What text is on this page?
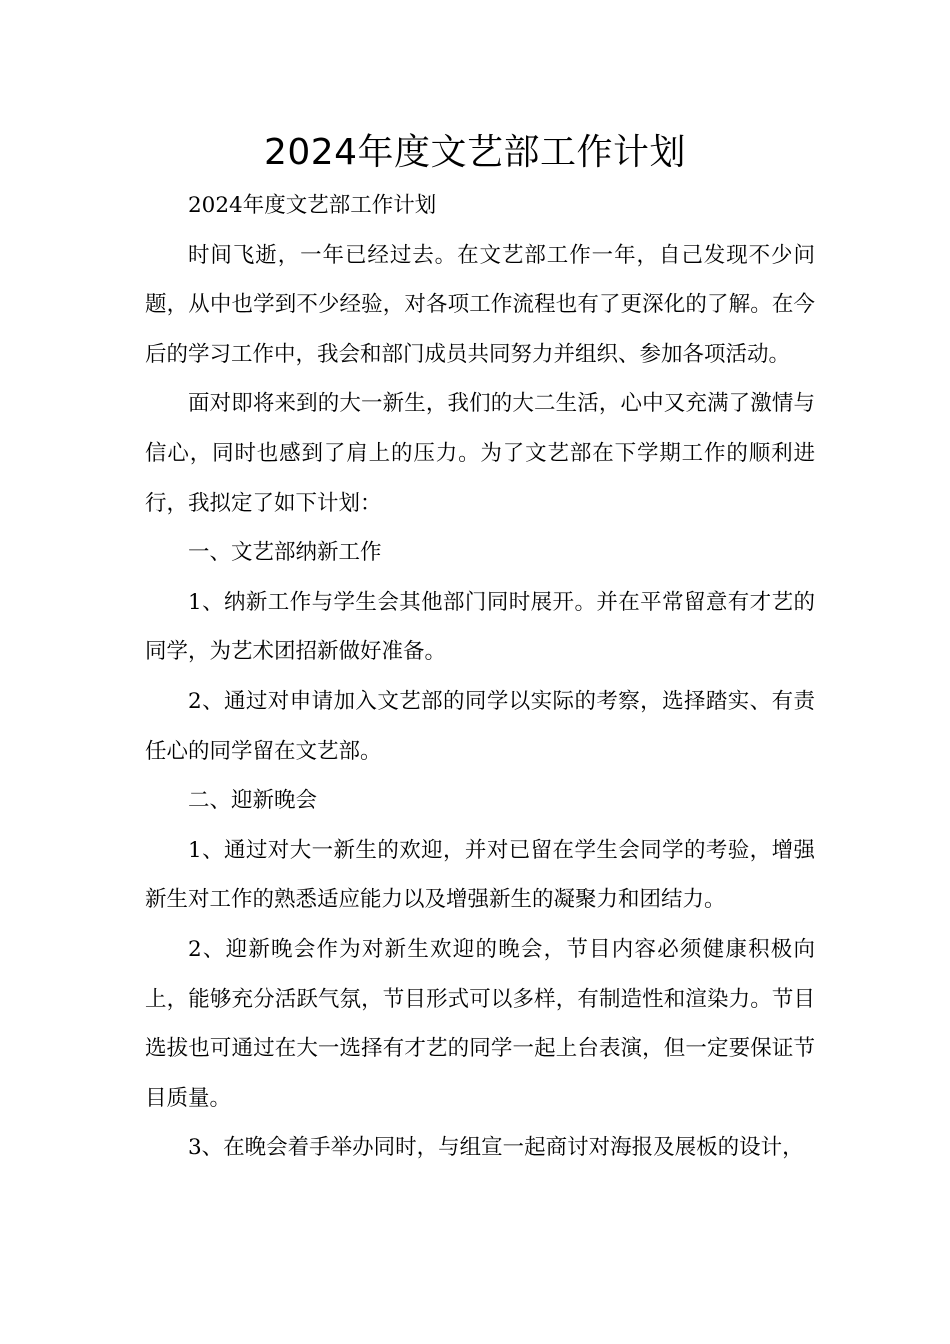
2024年度文艺部工作计划

2024年度文艺部工作计划

时间飞逝，一年已经过去。在文艺部工作一年，自己发现不少问题，从中也学到不少经验，对各项工作流程也有了更深化的了解。在今后的学习工作中，我会和部门成员共同努力并组织、参加各项活动。

面对即将来到的大一新生，我们的大二生活，心中又充满了激情与信心，同时也感到了肩上的压力。为了文艺部在下学期工作的顺利进行，我拟定了如下计划：

一、文艺部纳新工作

1、纳新工作与学生会其他部门同时展开。并在平常留意有才艺的同学，为艺术团招新做好准备。

2、通过对申请加入文艺部的同学以实际的考察，选择踏实、有责任心的同学留在文艺部。

二、迎新晚会

1、通过对大一新生的欢迎，并对已留在学生会同学的考验，增强新生对工作的熟悉适应能力以及增强新生的凝聚力和团结力。

2、迎新晚会作为对新生欢迎的晚会，节目内容必须健康积极向上，能够充分活跃气氛，节目形式可以多样，有制造性和渲染力。节目选拔也可通过在大一选择有才艺的同学一起上台表演，但一定要保证节目质量。

3、在晚会着手举办同时，与组宣一起商讨对海报及展板的设计，
